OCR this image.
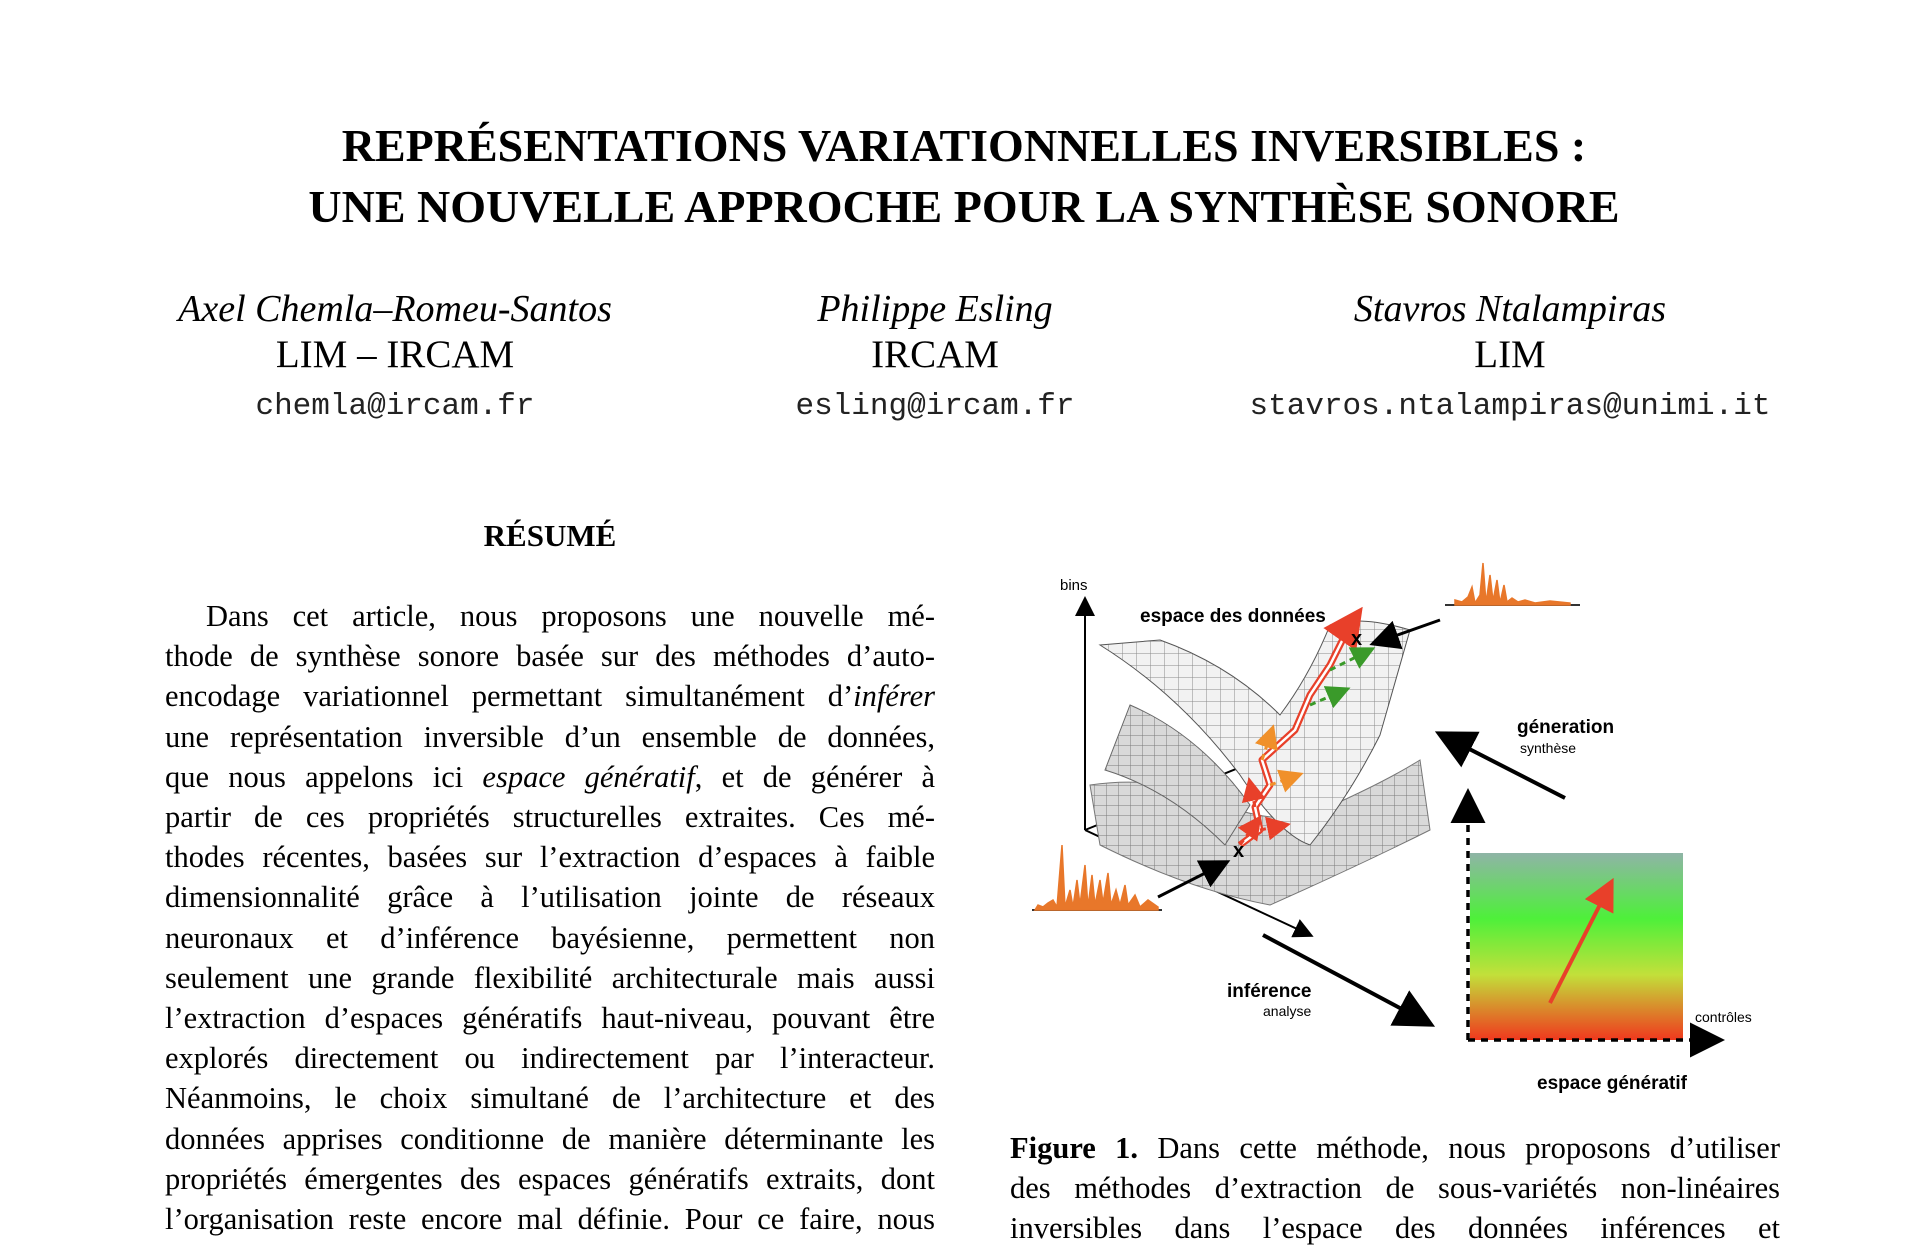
REPRÉSENTATIONS VARIATIONNELLES INVERSIBLES :
UNE NOUVELLE APPROCHE POUR LA SYNTHÈSE SONORE
Axel Chemla–Romeu-Santos
LIM – IRCAM
chemla@ircam.fr
Philippe Esling
IRCAM
esling@ircam.fr
Stavros Ntalampiras
LIM
stavros.ntalampiras@unimi.it
RÉSUMÉ
Dans cet article, nous proposons une nouvelle mé-
thode de synthèse sonore basée sur des méthodes d’auto-
encodage variationnel permettant simultanément d’inférer
une représentation inversible d’un ensemble de données,
que nous appelons ici espace génératif, et de générer à
partir de ces propriétés structurelles extraites. Ces mé-
thodes récentes, basées sur l’extraction d’espaces à faible
dimensionnalité grâce à l’utilisation jointe de réseaux
neuronaux et d’inférence bayésienne, permettent non
seulement une grande flexibilité architecturale mais aussi
l’extraction d’espaces génératifs haut-niveau, pouvant être
explorés directement ou indirectement par l’interacteur.
Néanmoins, le choix simultané de l’architecture et des
données apprises conditionne de manière déterminante les
propriétés émergentes des espaces génératifs extraits, dont
l’organisation reste encore mal définie. Pour ce faire, nous
bins
x
x
espace des données
géneration
synthèse
inférence
analyse	contrôles
espace génératif
Figure 1. Dans cette méthode, nous proposons d’utiliser
des méthodes d’extraction de sous-variétés non-linéaires
inversibles dans l’espace des données inférences et
